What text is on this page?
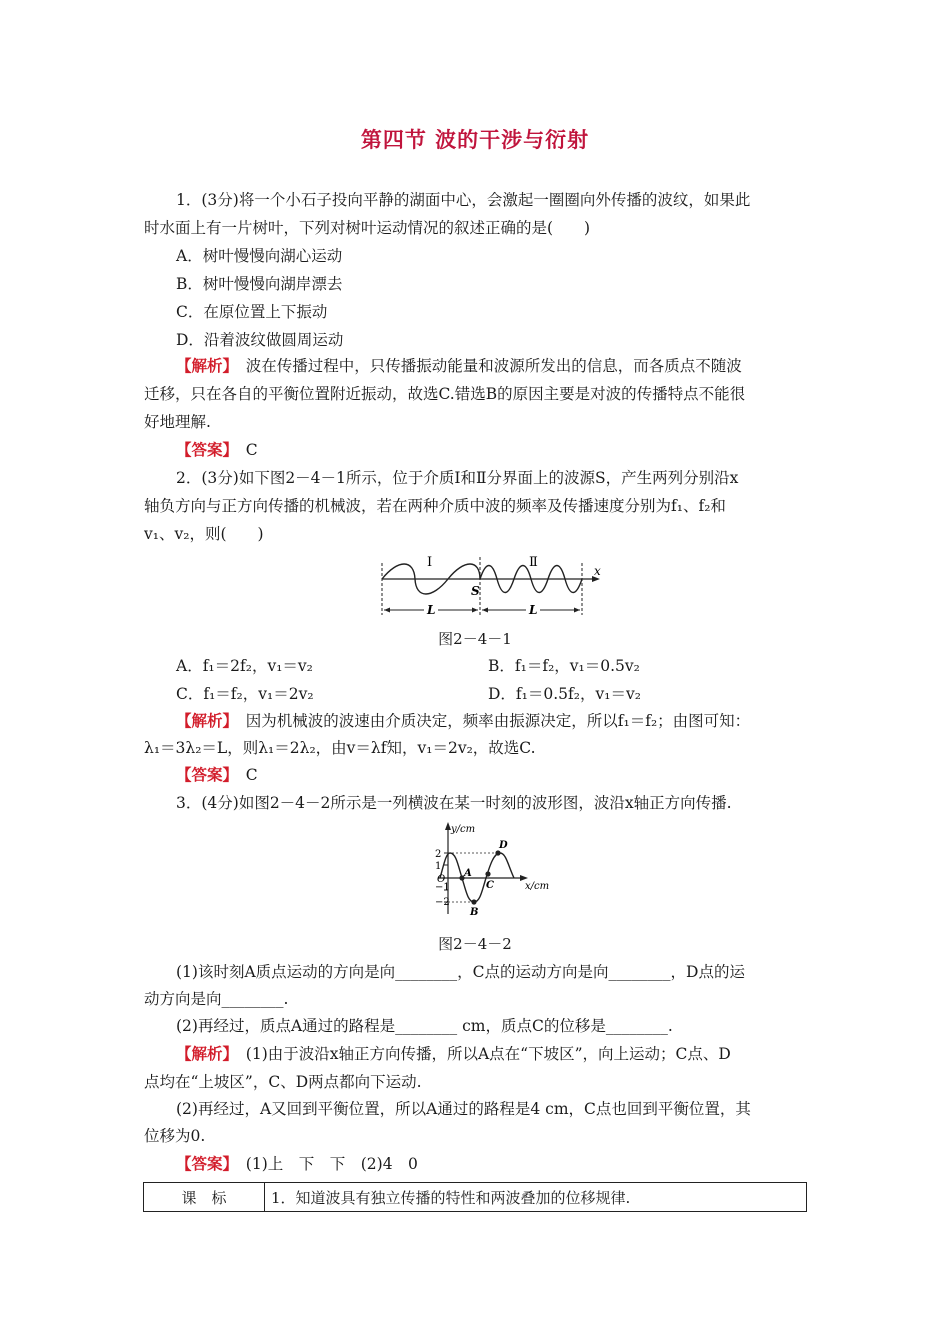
第四节 波的干涉与衍射
1．(3分)将一个小石子投向平静的湖面中心，会激起一圈圈向外传播的波纹，如果此
时水面上有一片树叶，下列对树叶运动情况的叙述正确的是(　　)
A．树叶慢慢向湖心运动
B．树叶慢慢向湖岸漂去
C．在原位置上下振动
D．沿着波纹做圆周运动
【解析】　 波在传播过程中，只传播振动能量和波源所发出的信息，而各质点不随波
迁移，只在各自的平衡位置附近振动，故选C.错选B的原因主要是对波的传播特点不能很
好地理解.
【答案】　 C
2．(3分)如下图2－4－1所示，位于介质Ⅰ和Ⅱ分界面上的波源S，产生两列分别沿x
轴负方向与正方向传播的机械波，若在两种介质中波的频率及传播速度分别为f₁、f₂和
v₁、v₂，则(　　)
Ⅰ	Ⅱ
x
S
L	L
图2－4－1
A．f₁＝2f₂，v₁＝v₂	B．f₁＝f₂，v₁＝0.5v₂
C．f₁＝f₂，v₁＝2v₂	D．f₁＝0.5f₂，v₁＝v₂
【解析】　 因为机械波的波速由介质决定，频率由振源决定，所以f₁＝f₂；由图可知：
λ₁＝3λ₂＝L，则λ₁＝2λ₂，由v＝λf知，v₁＝2v₂，故选C.
【答案】　 C
3．(4分)如图2－4－2所示是一列横波在某一时刻的波形图，波沿x轴正方向传播.
y/cm
x/cm
2
1
−1
−2
O
A
B
C
D
图2－4－2
(1)该时刻A质点运动的方向是向________，C点的运动方向是向________，D点的运
动方向是向________.
(2)再经过，质点A通过的路程是________ cm，质点C的位移是________.
【解析】　 (1)由于波沿x轴正方向传播，所以A点在“下坡区”，向上运动；C点、D
点均在“上坡区”，C、D两点都向下运动.
(2)再经过，A又回到平衡位置，所以A通过的路程是4 cm，C点也回到平衡位置，其
位移为0.
【答案】　 (1)上　下　下　(2)4　0
课　标	1．知道波具有独立传播的特性和两波叠加的位移规律.
